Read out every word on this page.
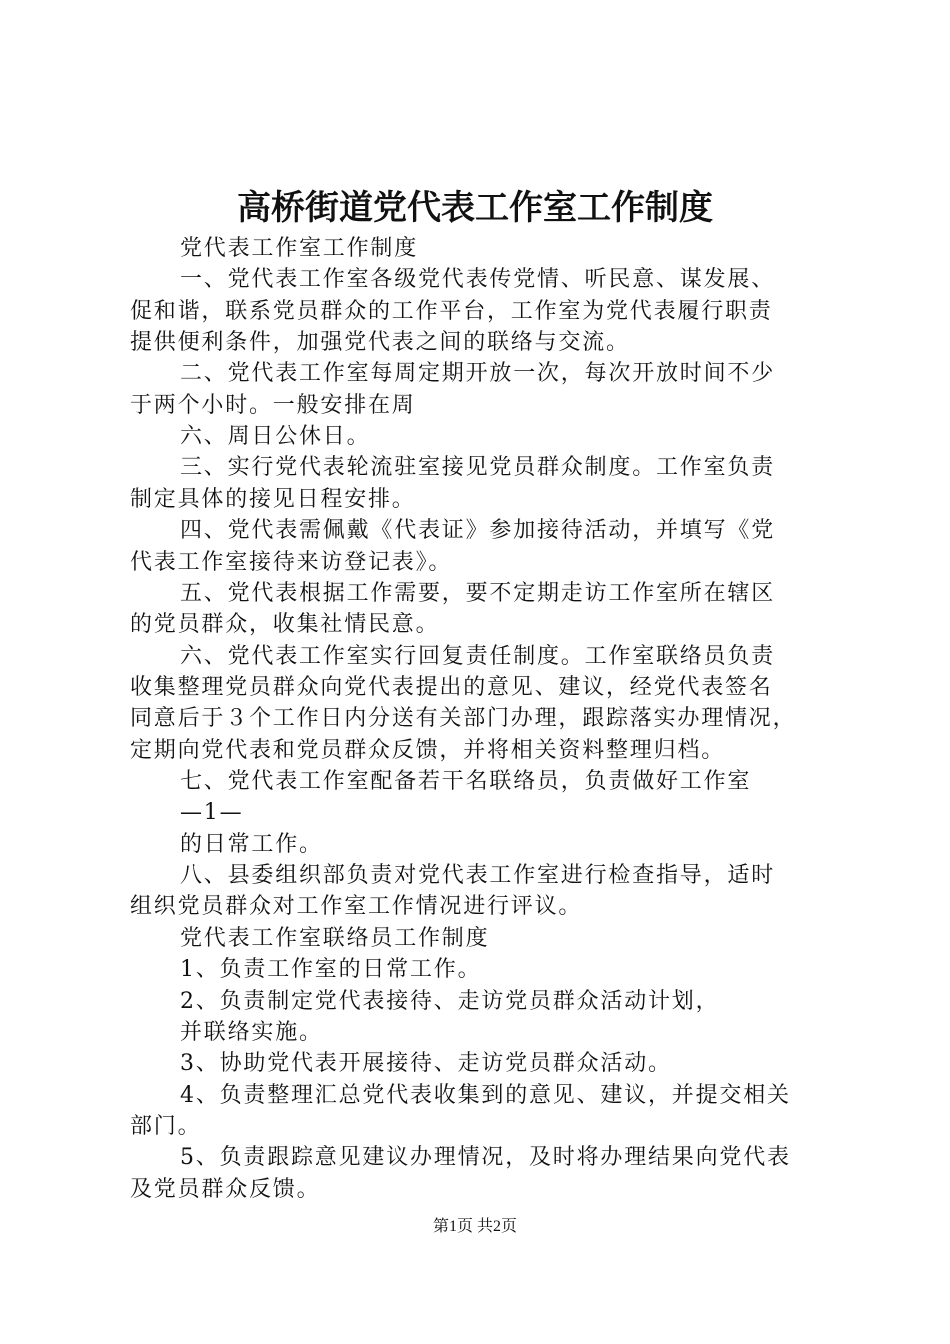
高桥街道党代表工作室工作制度
党代表工作室工作制度
一、党代表工作室各级党代表传党情、听民意、谋发展、
促和谐，联系党员群众的工作平台，工作室为党代表履行职责
提供便利条件，加强党代表之间的联络与交流。
二、党代表工作室每周定期开放一次，每次开放时间不少
于两个小时。一般安排在周
六、周日公休日。
三、实行党代表轮流驻室接见党员群众制度。工作室负责
制定具体的接见日程安排。
四、党代表需佩戴《代表证》参加接待活动，并填写《党
代表工作室接待来访登记表》。
五、党代表根据工作需要，要不定期走访工作室所在辖区
的党员群众，收集社情民意。
六、党代表工作室实行回复责任制度。工作室联络员负责
收集整理党员群众向党代表提出的意见、建议，经党代表签名
同意后于３个工作日内分送有关部门办理，跟踪落实办理情况，
定期向党代表和党员群众反馈，并将相关资料整理归档。
七、党代表工作室配备若干名联络员，负责做好工作室
—1—
的日常工作。
八、县委组织部负责对党代表工作室进行检查指导，适时
组织党员群众对工作室工作情况进行评议。
党代表工作室联络员工作制度
1、负责工作室的日常工作。
2、负责制定党代表接待、走访党员群众活动计划，
并联络实施。
3、协助党代表开展接待、走访党员群众活动。
4、负责整理汇总党代表收集到的意见、建议，并提交相关
部门。
第1页 共2页
5、负责跟踪意见建议办理情况，及时将办理结果向党代表
及党员群众反馈。
